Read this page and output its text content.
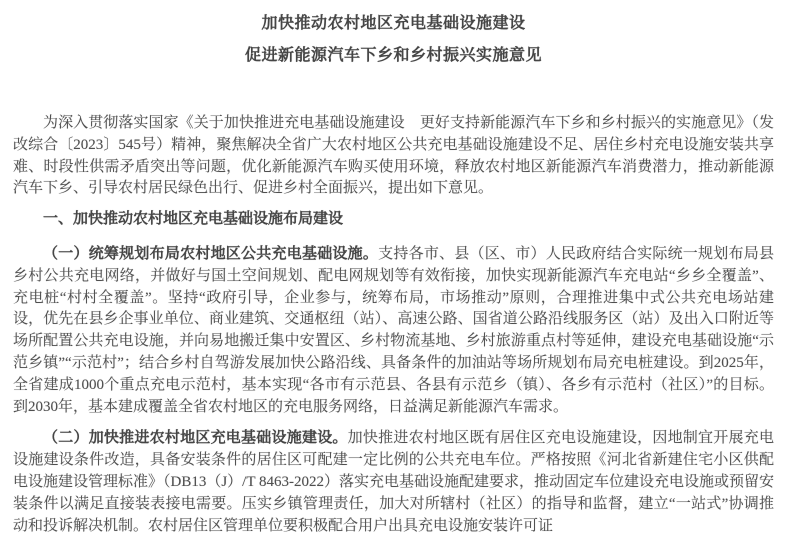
加快推动农村地区充电基础设施建设
促进新能源汽车下乡和乡村振兴实施意见

为深入贯彻落实国家《关于加快推进充电基础设施建设　更好支持新能源汽车下乡和乡村振兴的实施意见》（发改综合〔2023〕545号）精神，聚焦解决全省广大农村地区公共充电基础设施建设不足、居住乡村充电设施安装共享难、时段性供需矛盾突出等问题，优化新能源汽车购买使用环境，释放农村地区新能源汽车消费潜力，推动新能源汽车下乡、引导农村居民绿色出行、促进乡村全面振兴，提出如下意见。

一、加快推动农村地区充电基础设施布局建设

（一）统筹规划布局农村地区公共充电基础设施。支持各市、县（区、市）人民政府结合实际统一规划布局县乡村公共充电网络，并做好与国土空间规划、配电网规划等有效衔接，加快实现新能源汽车充电站“乡乡全覆盖”、充电桩“村村全覆盖”。坚持“政府引导，企业参与，统筹布局，市场推动”原则，合理推进集中式公共充电场站建设，优先在县乡企事业单位、商业建筑、交通枢纽（站）、高速公路、国省道公路沿线服务区（站）及出入口附近等场所配置公共充电设施，并向易地搬迁集中安置区、乡村物流基地、乡村旅游重点村等延伸，建设充电基础设施“示范乡镇”“示范村”；结合乡村自驾游发展加快公路沿线、具备条件的加油站等场所规划布局充电桩建设。到2025年，全省建成1000个重点充电示范村，基本实现“各市有示范县、各县有示范乡（镇）、各乡有示范村（社区）”的目标。到2030年，基本建成覆盖全省农村地区的充电服务网络，日益满足新能源汽车需求。

（二）加快推进农村地区充电基础设施建设。加快推进农村地区既有居住区充电设施建设，因地制宜开展充电设施建设条件改造，具备安装条件的居住区可配建一定比例的公共充电车位。严格按照《河北省新建住宅小区供配电设施建设管理标准》（DB13（J）/T 8463-2022）落实充电基础设施配建要求，推动固定车位建设充电设施或预留安装条件以满足直接装表接电需要。压实乡镇管理责任，加大对所辖村（社区）的指导和监督，建立“一站式”协调推动和投诉解决机制。农村居住区管理单位要积极配合用户出具充电设施安装许可证
